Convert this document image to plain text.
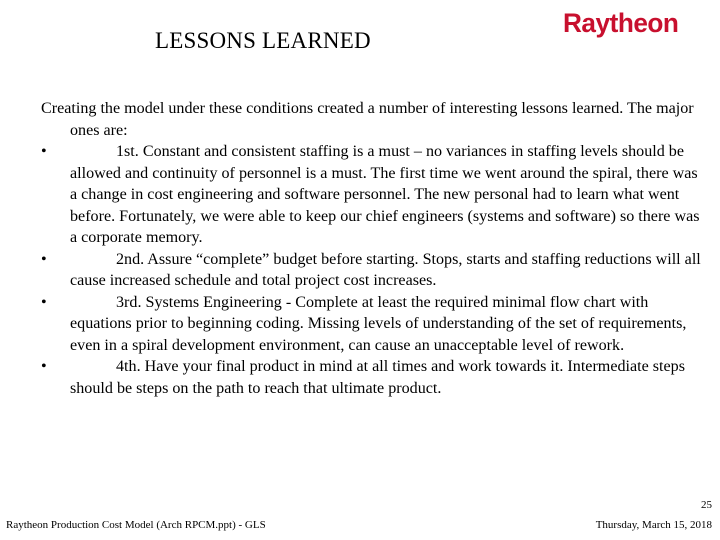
LESSONS LEARNED
Raytheon

Creating the model under these conditions created a number of interesting lessons learned. The major ones are:

•	1st. Constant and consistent staffing is a must – no variances in staffing levels should be allowed and continuity of personnel is a must. The first time we went around the spiral, there was a change in cost engineering and software personnel. The new personal had to learn what went before. Fortunately, we were able to keep our chief engineers (systems and software) so there was a corporate memory.
•	2nd. Assure “complete” budget before starting. Stops, starts and staffing reductions will all cause increased schedule and total project cost increases.
•	3rd. Systems Engineering - Complete at least the required minimal flow chart with equations prior to beginning coding. Missing levels of understanding of the set of requirements, even in a spiral development environment, can cause an unacceptable level of rework.
•	4th. Have your final product in mind at all times and work towards it. Intermediate steps should be steps on the path to reach that ultimate product.
25
Raytheon Production Cost Model (Arch RPCM.ppt) - GLS	Thursday, March 15, 2018
